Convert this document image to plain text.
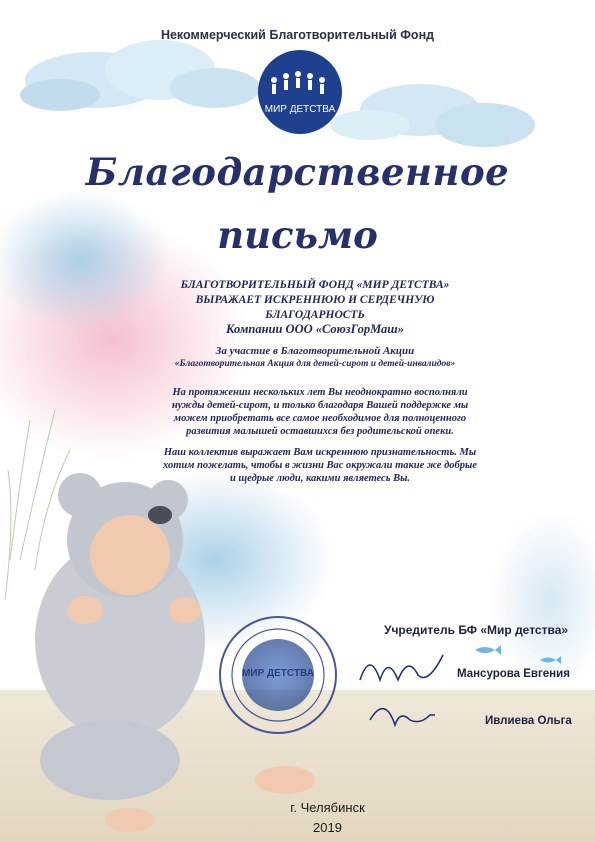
Некоммерческий Благотворительный Фонд
МИР ДЕТСТВА
Благодарственное
письмо
БЛАГОТВОРИТЕЛЬНЫЙ ФОНД «МИР ДЕТСТВА»
ВЫРАЖАЕТ ИСКРЕННЮЮ И СЕРДЕЧНУЮ
БЛАГОДАРНОСТЬ
Компании ООО «СоюзГорМаш»
За участие в Благотворительной Акции
«Благотворительная Акция для детей-сирот и детей-инвалидов»
На протяжении нескольких лет Вы неоднократно восполняли нужды детей-сирот, и только благодаря Вашей поддержке мы можем приобретать все самое необходимое для полноценного развития малышей оставшихся без родительской опеки.
Наш коллектив выражает Вам искреннюю признательность. Мы хотим пожелать, чтобы в жизни Вас окружали такие же добрые и щедрые люди, какими являетесь Вы.
МИР ДЕТСТВА
Учредитель БФ «Мир детства»
Мансурова Евгения
Ивлиева Ольга
г. Челябинск
2019
